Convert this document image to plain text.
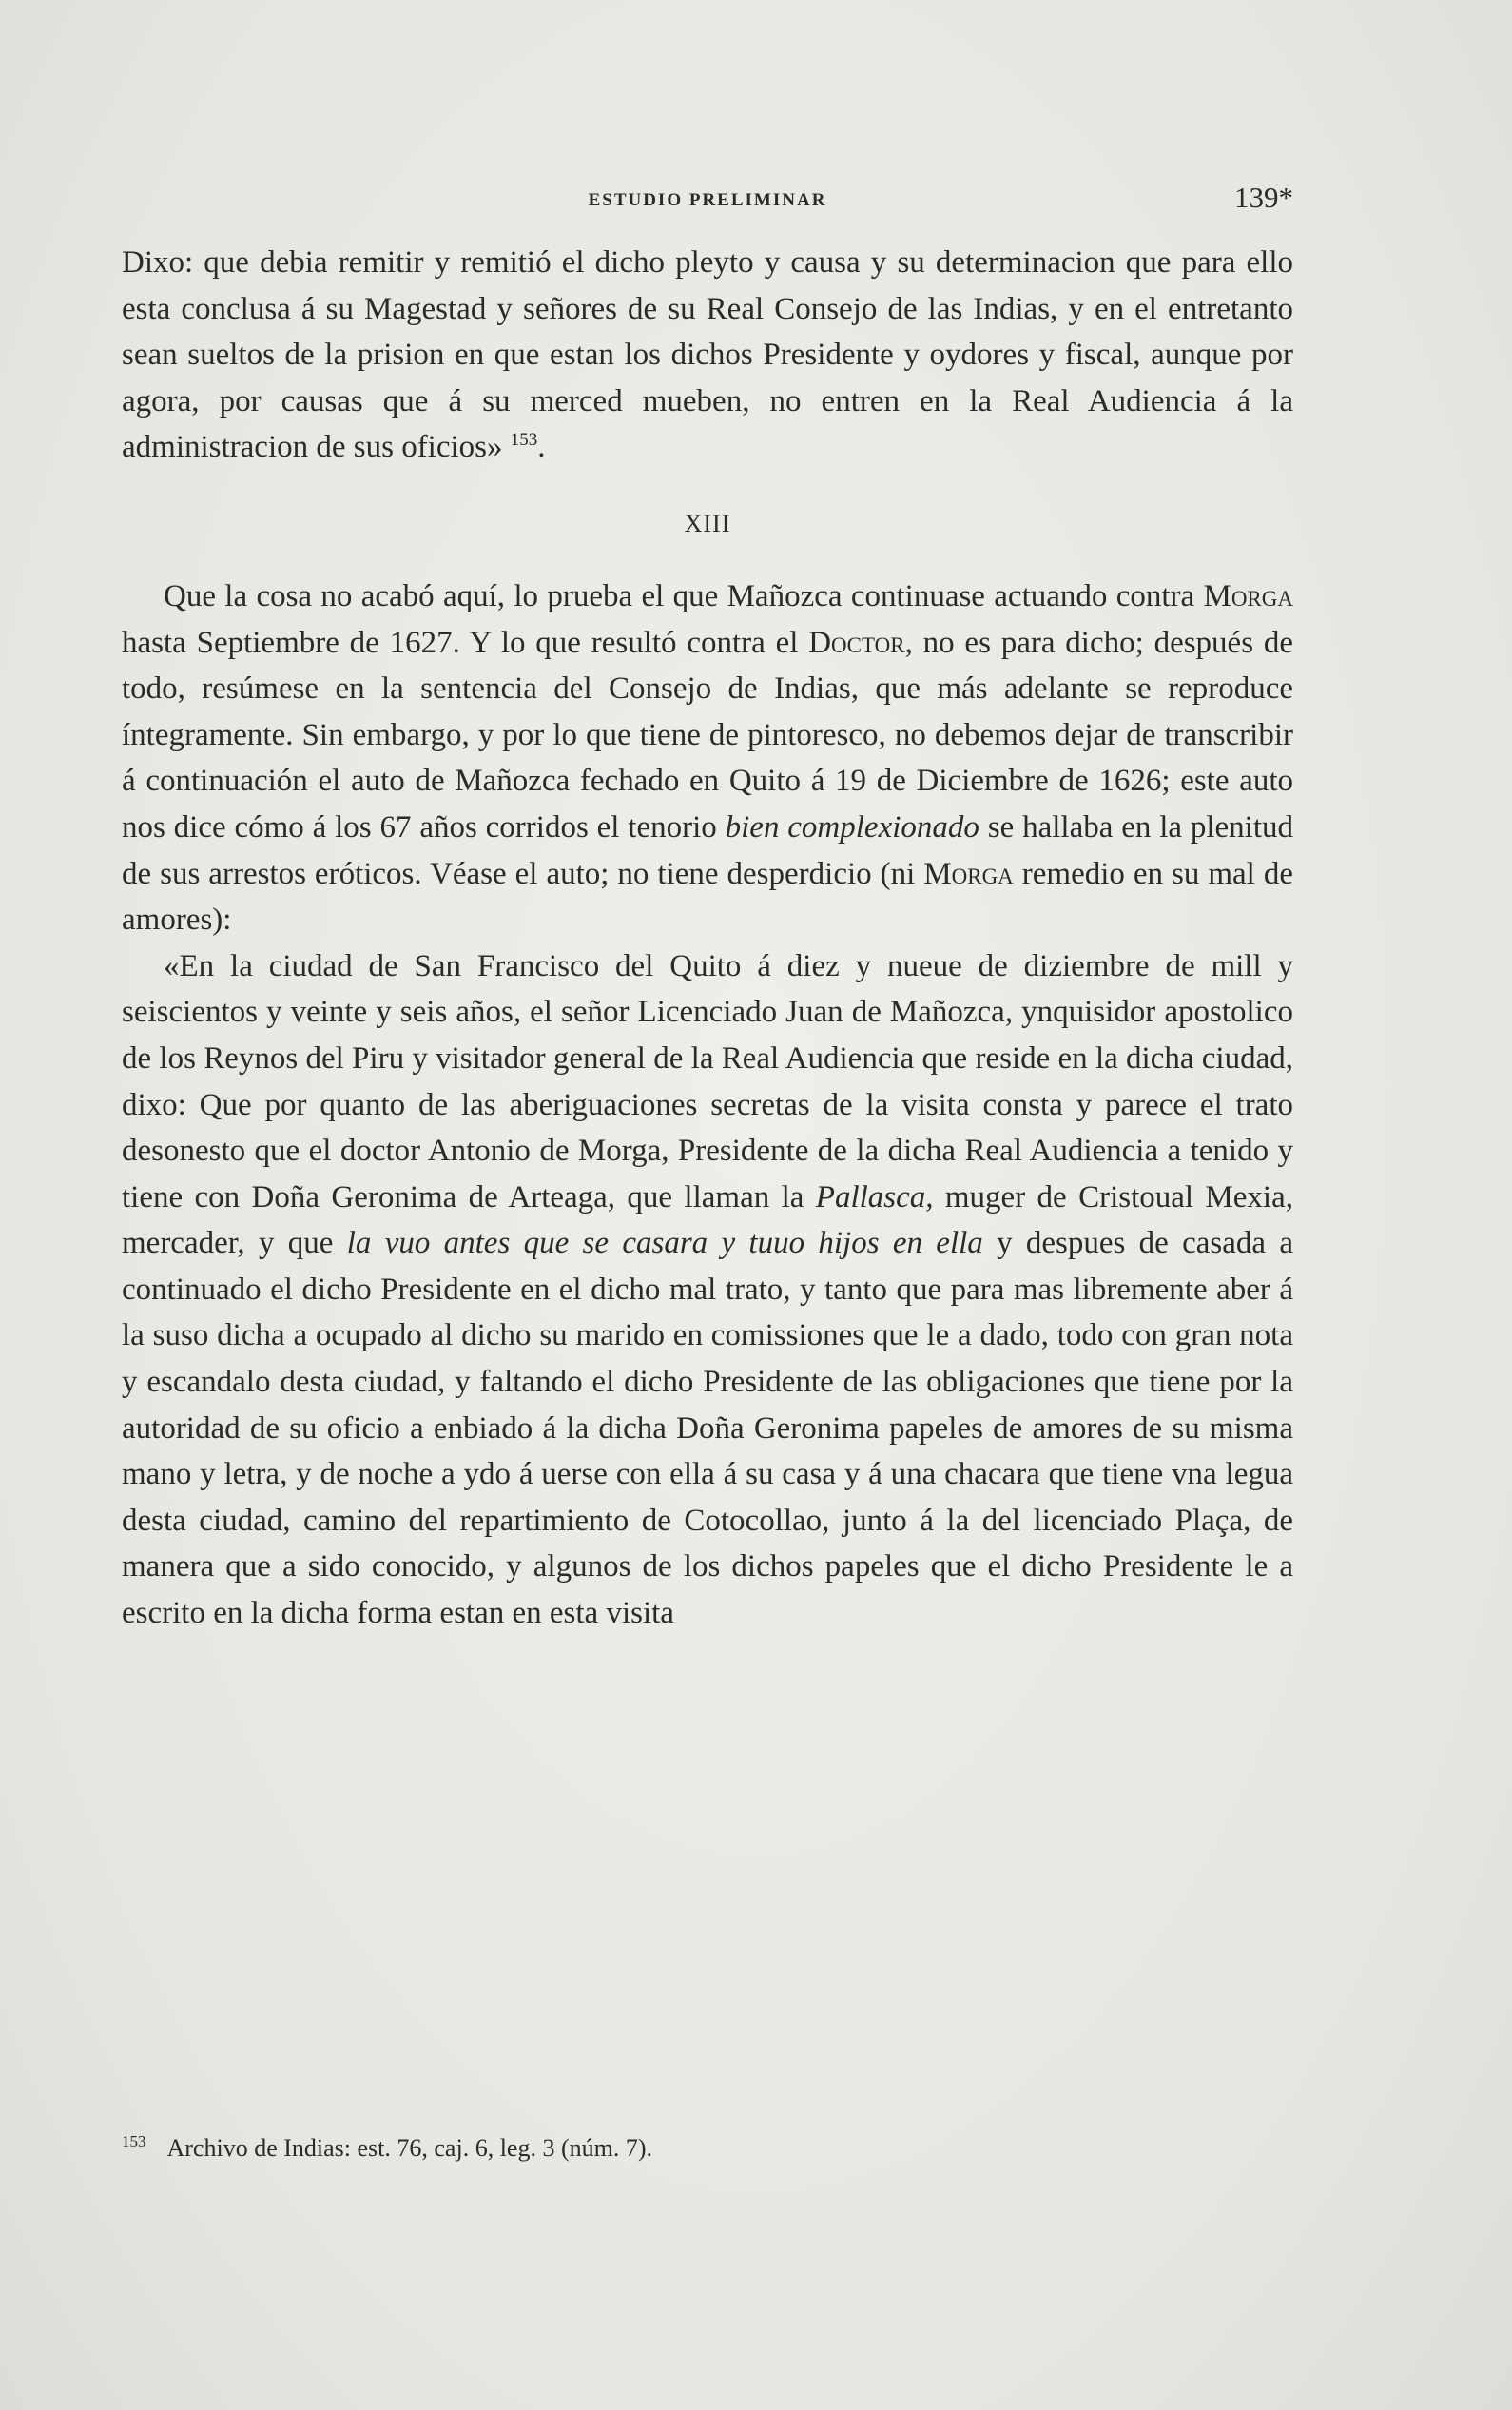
ESTUDIO PRELIMINAR	139*

Dixo: que debia remitir y remitió el dicho pleyto y causa y su determinacion que para ello esta conclusa á su Magestad y señores de su Real Consejo de las Indias, y en el entretanto sean sueltos de la prision en que estan los dichos Presidente y oydores y fiscal, aunque por agora, por causas que á su merced mueben, no entren en la Real Audiencia á la administracion de sus oficios» $^{153}$.

XIII

Que la cosa no acabó aquí, lo prueba el que Mañozca continuase actuando contra Morga hasta Septiembre de 1627. Y lo que resultó contra el Doctor, no es para dicho; después de todo, resúmese en la sentencia del Consejo de Indias, que más adelante se reproduce íntegramente. Sin embargo, y por lo que tiene de pintoresco, no debemos dejar de transcribir á continuación el auto de Mañozca fechado en Quito á 19 de Diciembre de 1626; este auto nos dice cómo á los 67 años corridos el tenorio bien complexionado se hallaba en la plenitud de sus arrestos eróticos. Véase el auto; no tiene desperdicio (ni Morga remedio en su mal de amores):

«En la ciudad de San Francisco del Quito á diez y nueue de diziembre de mill y seiscientos y veinte y seis años, el señor Licenciado Juan de Mañozca, ynquisidor apostolico de los Reynos del Piru y visitador general de la Real Audiencia que reside en la dicha ciudad, dixo: Que por quanto de las aberiguaciones secretas de la visita consta y parece el trato desonesto que el doctor Antonio de Morga, Presidente de la dicha Real Audiencia a tenido y tiene con Doña Geronima de Arteaga, que llaman la Pallasca, muger de Cristoual Mexia, mercader, y que la vuo antes que se casara y tuuo hijos en ella y despues de casada a continuado el dicho Presidente en el dicho mal trato, y tanto que para mas libremente aber á la suso dicha a ocupado al dicho su marido en comissiones que le a dado, todo con gran nota y escandalo desta ciudad, y faltando el dicho Presidente de las obligaciones que tiene por la autoridad de su oficio a enbiado á la dicha Doña Geronima papeles de amores de su misma mano y letra, y de noche a ydo á uerse con ella á su casa y á una chacara que tiene vna legua desta ciudad, camino del repartimiento de Cotocollao, junto á la del licenciado Plaça, de manera que a sido conocido, y algunos de los dichos papeles que el dicho Presidente le a escrito en la dicha forma estan en esta visita

$^{153}$ Archivo de Indias: est. 76, caj. 6, leg. 3 (núm. 7).
